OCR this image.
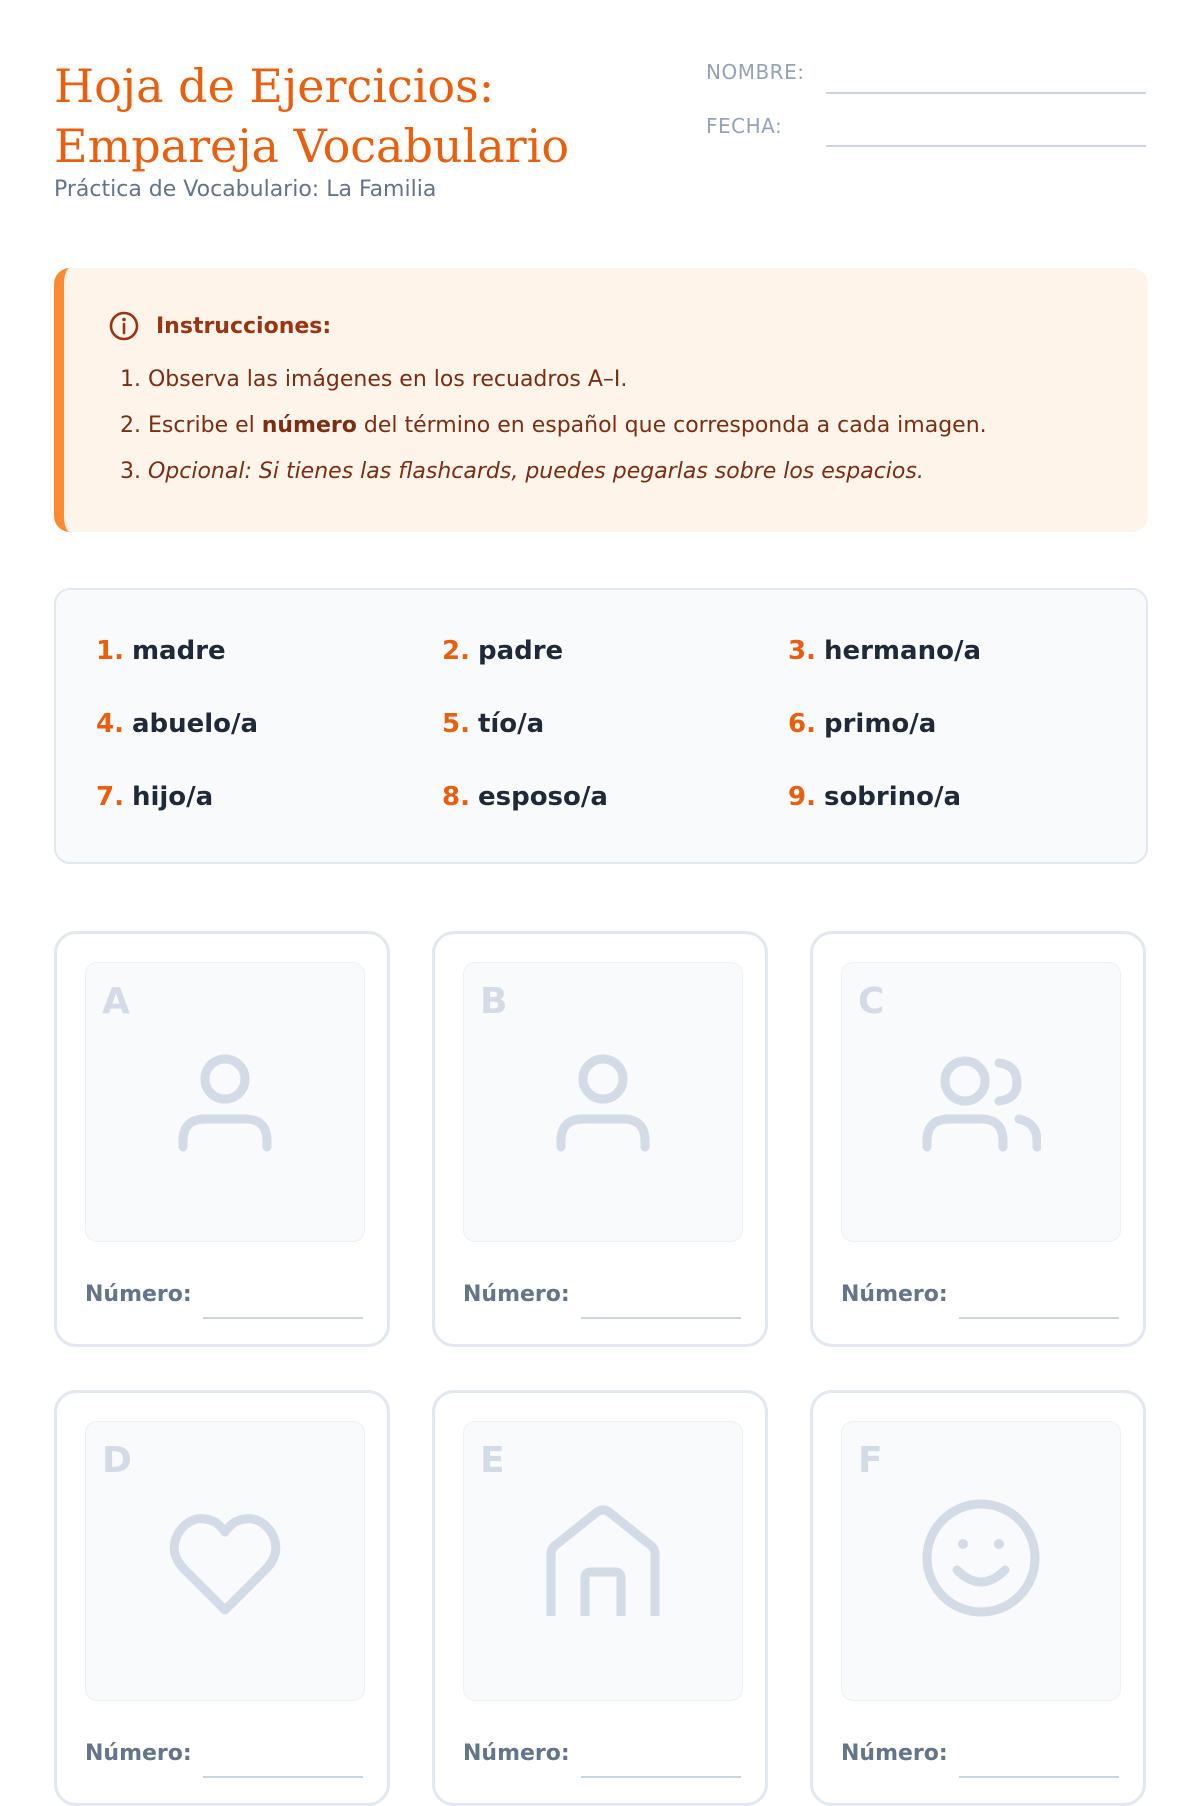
Hoja de Ejercicios:
Empareja Vocabulario
Práctica de Vocabulario: La Familia
NOMBRE:
FECHA:
Instrucciones:
1. Observa las imágenes en los recuadros A–I.
2. Escribe el número del término en español que corresponda a cada imagen.
3. Opcional: Si tienes las flashcards, puedes pegarlas sobre los espacios.
1. madre	2. padre	3. hermano/a
4. abuelo/a	5. tío/a	6. primo/a
7. hijo/a	8. esposo/a	9. sobrino/a
A
Número:
B
Número:
C
Número:
D
Número:
E
Número:
F
Número:
